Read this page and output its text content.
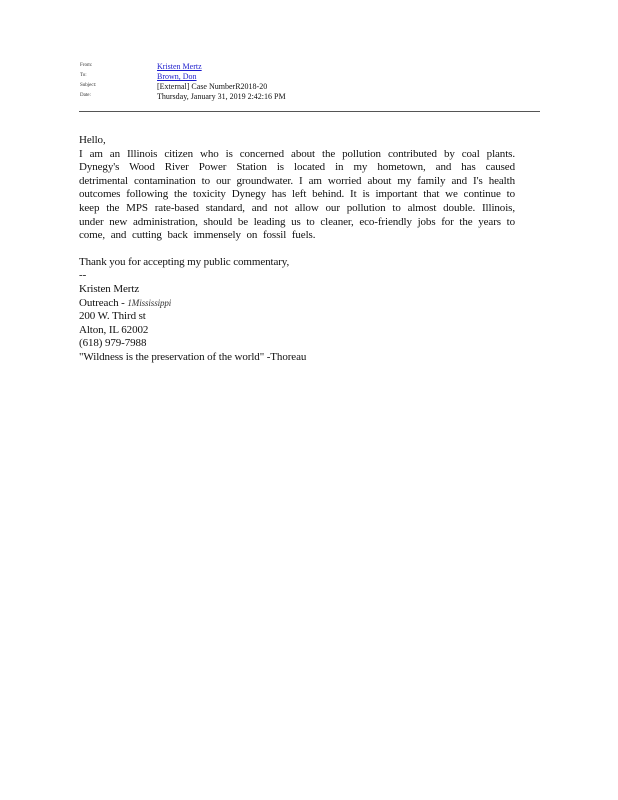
From:	Kristen Mertz
To:	Brown, Don
Subject:	[External] Case NumberR2018-20
Date:	Thursday, January 31, 2019 2:42:16 PM

Hello,

I am an Illinois citizen who is concerned about the pollution contributed by coal plants. Dynegy's Wood River Power Station is located in my hometown, and has caused detrimental contamination to our groundwater. I am worried about my family and I's health outcomes following the toxicity Dynegy has left behind. It is important that we continue to keep the MPS rate-based standard, and not allow our pollution to almost double. Illinois, under new administration, should be leading us to cleaner, eco-friendly jobs for the years to come, and cutting back immensely on fossil fuels.

Thank you for accepting my public commentary,

--

Kristen Mertz

Outreach - 1Mississippi

200 W. Third st

Alton, IL 62002

(618) 979-7988

"Wildness is the preservation of the world" -Thoreau
